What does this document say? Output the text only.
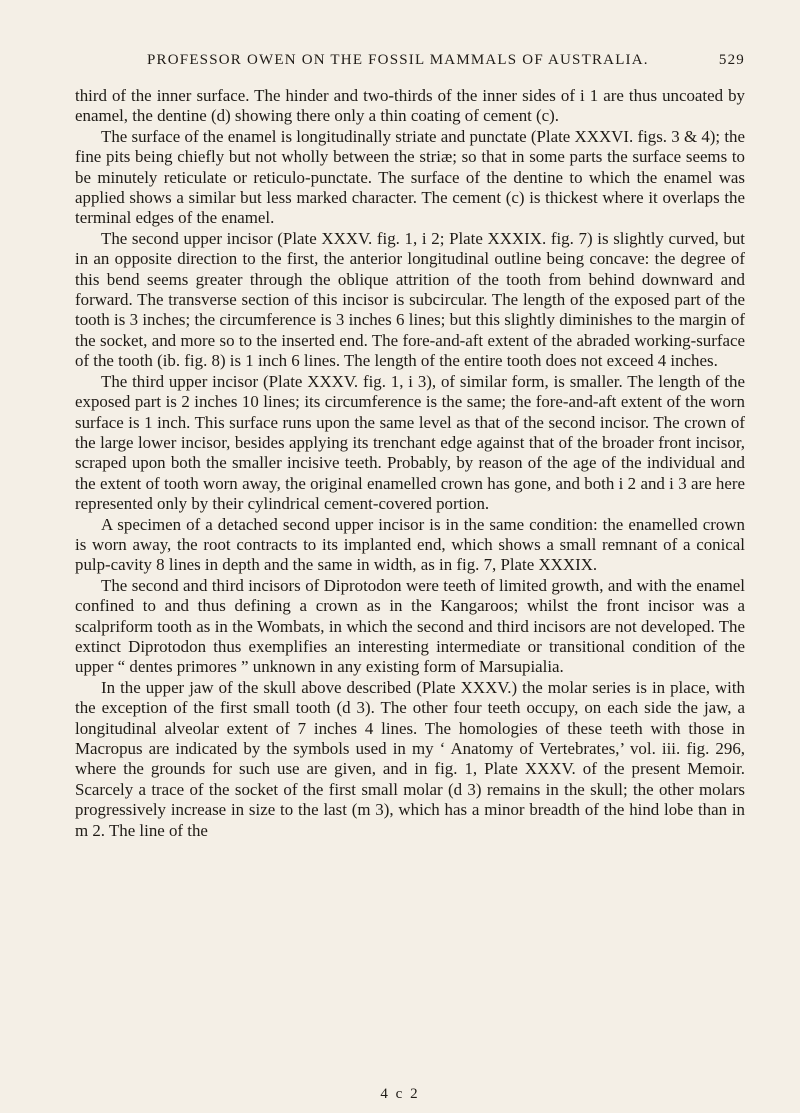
PROFESSOR OWEN ON THE FOSSIL MAMMALS OF AUSTRALIA.	529

third of the inner surface. The hinder and two-thirds of the inner sides of i 1 are thus uncoated by enamel, the dentine (d) showing there only a thin coating of cement (c).

The surface of the enamel is longitudinally striate and punctate (Plate XXXVI. figs. 3 & 4); the fine pits being chiefly but not wholly between the striæ; so that in some parts the surface seems to be minutely reticulate or reticulo-punctate. The surface of the dentine to which the enamel was applied shows a similar but less marked character. The cement (c) is thickest where it overlaps the terminal edges of the enamel.

The second upper incisor (Plate XXXV. fig. 1, i 2; Plate XXXIX. fig. 7) is slightly curved, but in an opposite direction to the first, the anterior longitudinal outline being concave: the degree of this bend seems greater through the oblique attrition of the tooth from behind downward and forward. The transverse section of this incisor is subcircular. The length of the exposed part of the tooth is 3 inches; the circumference is 3 inches 6 lines; but this slightly diminishes to the margin of the socket, and more so to the inserted end. The fore-and-aft extent of the abraded working-surface of the tooth (ib. fig. 8) is 1 inch 6 lines. The length of the entire tooth does not exceed 4 inches.

The third upper incisor (Plate XXXV. fig. 1, i 3), of similar form, is smaller. The length of the exposed part is 2 inches 10 lines; its circumference is the same; the fore-and-aft extent of the worn surface is 1 inch. This surface runs upon the same level as that of the second incisor. The crown of the large lower incisor, besides applying its trenchant edge against that of the broader front incisor, scraped upon both the smaller incisive teeth. Probably, by reason of the age of the individual and the extent of tooth worn away, the original enamelled crown has gone, and both i 2 and i 3 are here represented only by their cylindrical cement-covered portion.

A specimen of a detached second upper incisor is in the same condition: the enamelled crown is worn away, the root contracts to its implanted end, which shows a small remnant of a conical pulp-cavity 8 lines in depth and the same in width, as in fig. 7, Plate XXXIX.

The second and third incisors of Diprotodon were teeth of limited growth, and with the enamel confined to and thus defining a crown as in the Kangaroos; whilst the front incisor was a scalpriform tooth as in the Wombats, in which the second and third incisors are not developed. The extinct Diprotodon thus exemplifies an interesting intermediate or transitional condition of the upper “ dentes primores ” unknown in any existing form of Marsupialia.

In the upper jaw of the skull above described (Plate XXXV.) the molar series is in place, with the exception of the first small tooth (d 3). The other four teeth occupy, on each side the jaw, a longitudinal alveolar extent of 7 inches 4 lines. The homologies of these teeth with those in Macropus are indicated by the symbols used in my ‘ Anatomy of Vertebrates,’ vol. iii. fig. 296, where the grounds for such use are given, and in fig. 1, Plate XXXV. of the present Memoir. Scarcely a trace of the socket of the first small molar (d 3) remains in the skull; the other molars progressively increase in size to the last (m 3), which has a minor breadth of the hind lobe than in m 2. The line of the

4 c 2
